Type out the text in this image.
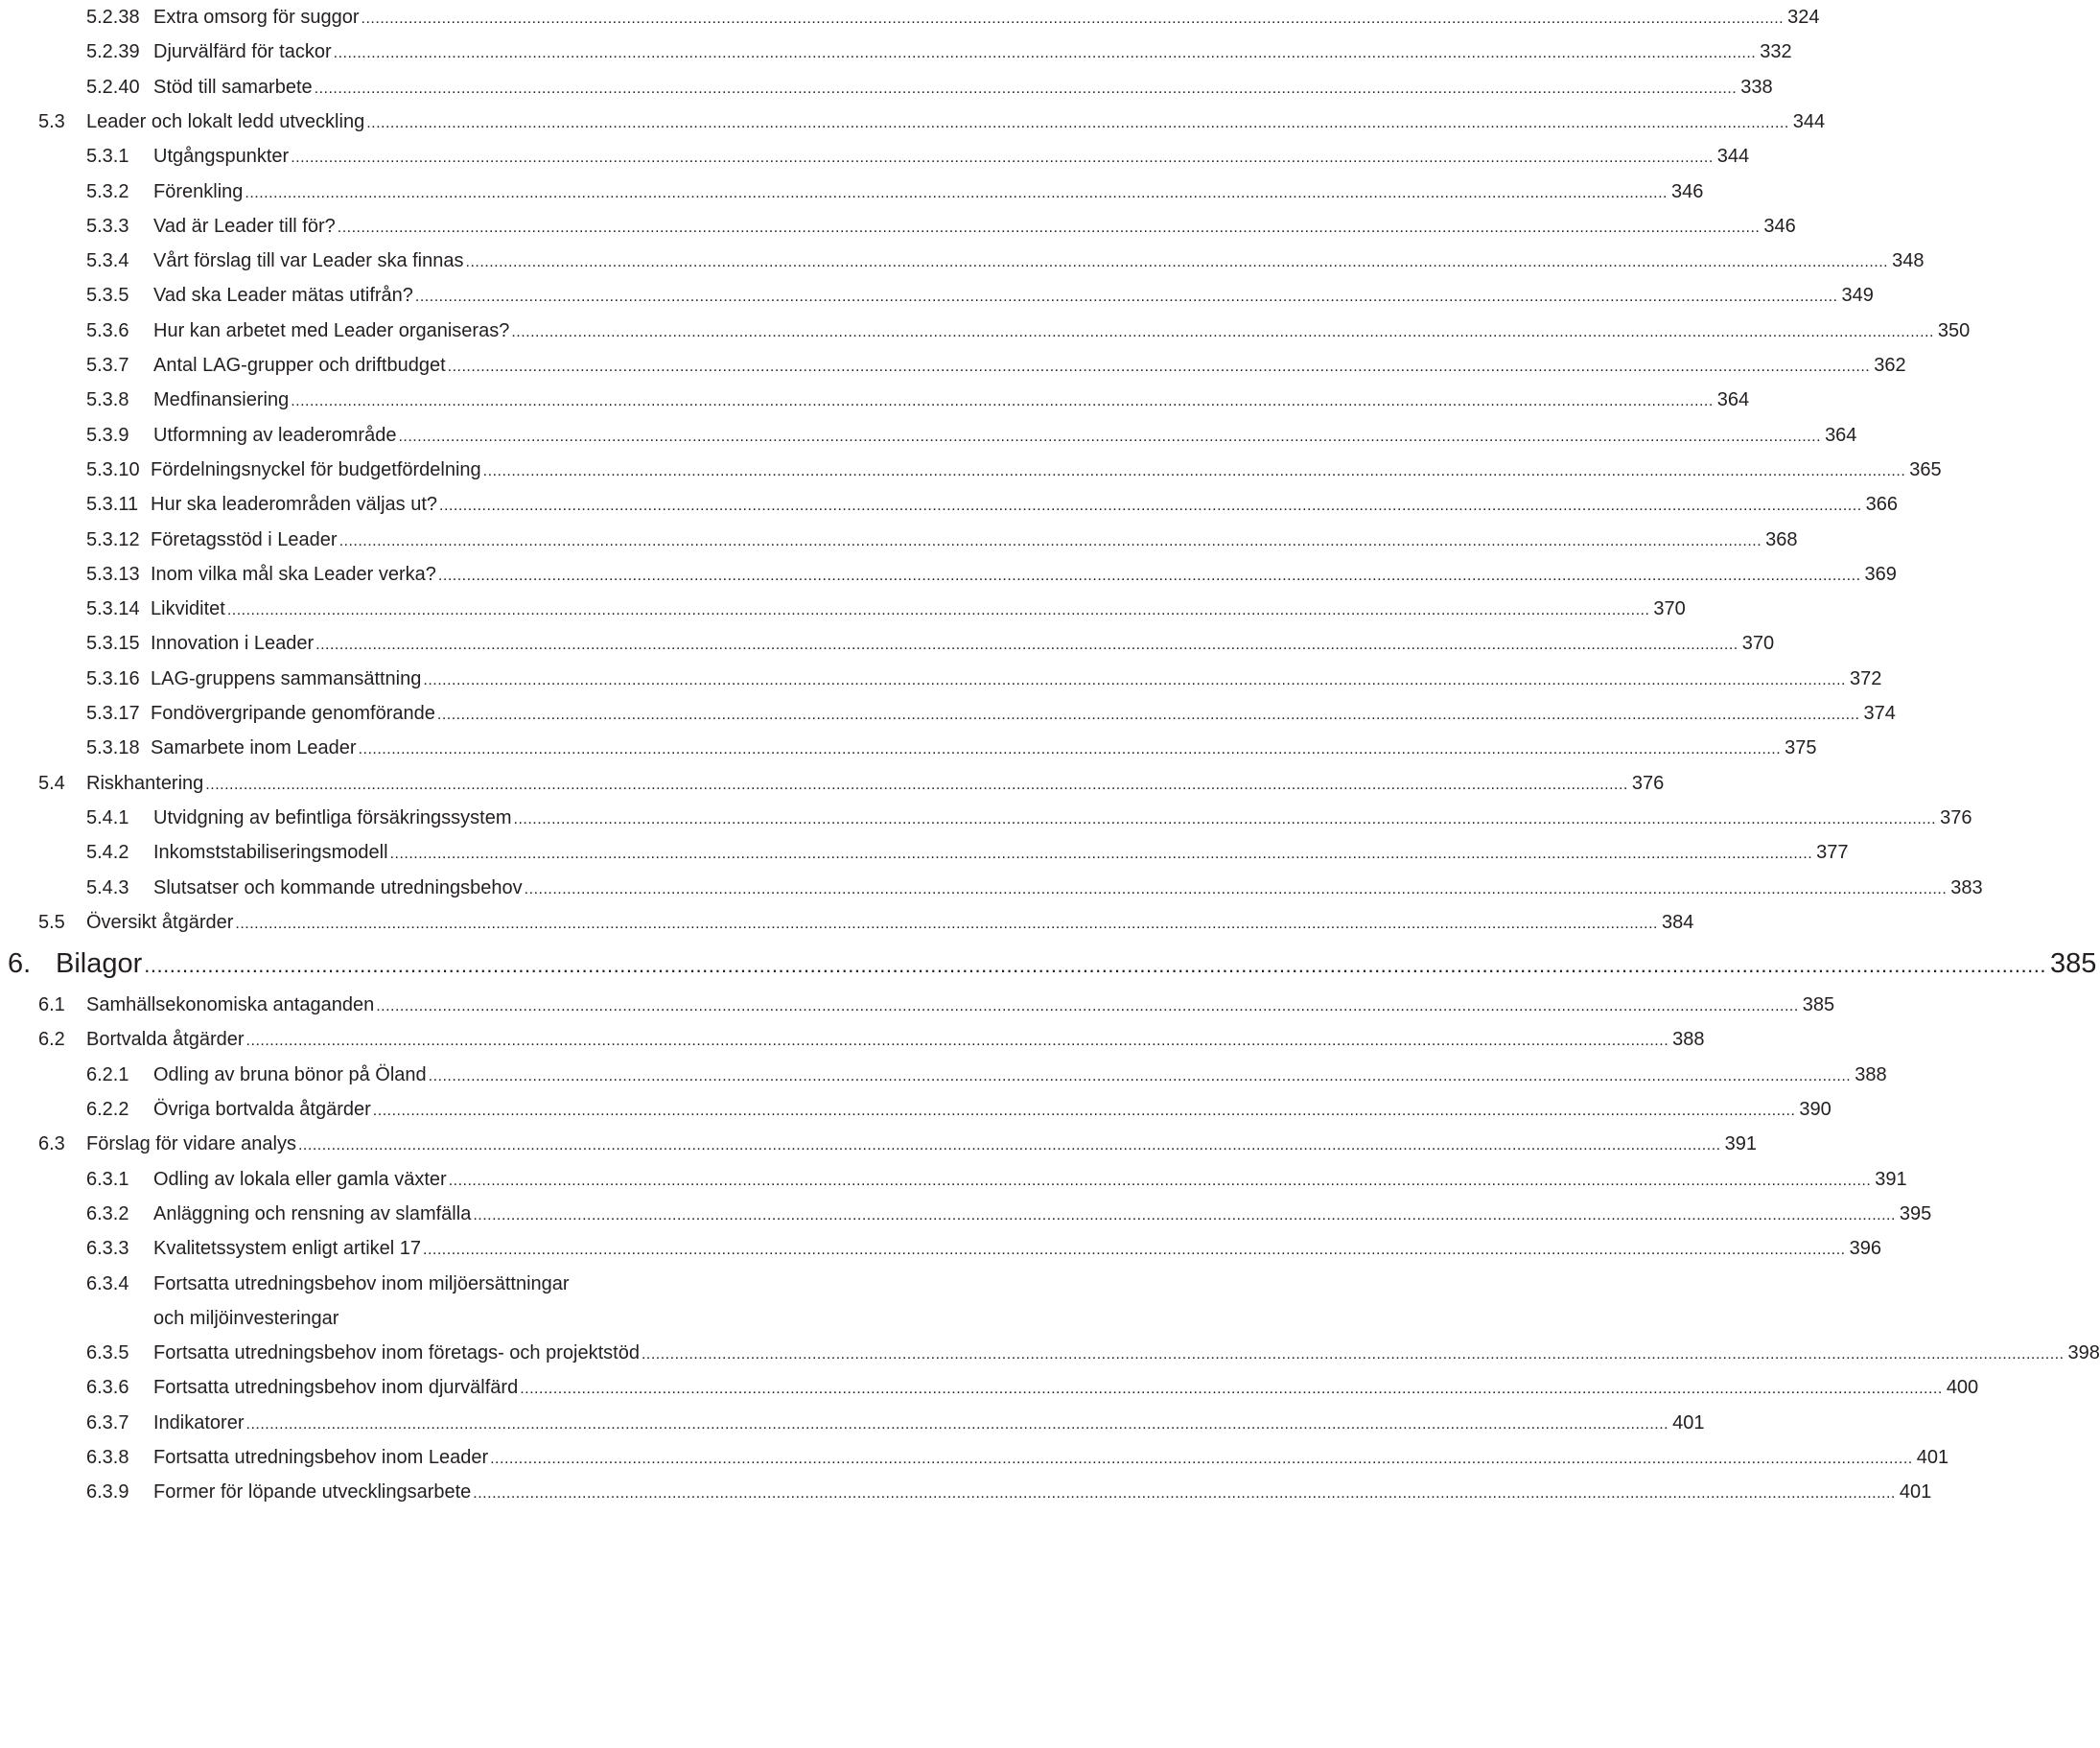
5.2.38 Extra omsorg för suggor ............................................................................................................................................................................................................................................................................................................ 324
5.2.39 Djurvälfärd för tackor ............................................................................................................................................................................................................................................................................................................ 332
5.2.40 Stöd till samarbete ............................................................................................................................................................................................................................................................................................................ 338
5.3 Leader och lokalt ledd utveckling ............................................................................................................................................................................................................................................................................................................ 344
5.3.1 Utgångspunkter ............................................................................................................................................................................................................................................................................................................ 344
5.3.2 Förenkling ............................................................................................................................................................................................................................................................................................................ 346
5.3.3 Vad är Leader till för? ............................................................................................................................................................................................................................................................................................................ 346
5.3.4 Vårt förslag till var Leader ska finnas ............................................................................................................................................................................................................................................................................................................ 348
5.3.5 Vad ska Leader mätas utifrån? ............................................................................................................................................................................................................................................................................................................ 349
5.3.6 Hur kan arbetet med Leader organiseras? ............................................................................................................................................................................................................................................................................................................ 350
5.3.7 Antal LAG-grupper och driftbudget ............................................................................................................................................................................................................................................................................................................ 362
5.3.8 Medfinansiering ............................................................................................................................................................................................................................................................................................................ 364
5.3.9 Utformning av leaderområde ............................................................................................................................................................................................................................................................................................................ 364
5.3.10 Fördelningsnyckel för budgetfördelning ............................................................................................................................................................................................................................................................................................................ 365
5.3.11 Hur ska leaderområden väljas ut? ............................................................................................................................................................................................................................................................................................................ 366
5.3.12 Företagsstöd i Leader ............................................................................................................................................................................................................................................................................................................ 368
5.3.13 Inom vilka mål ska Leader verka? ............................................................................................................................................................................................................................................................................................................ 369
5.3.14 Likviditet ............................................................................................................................................................................................................................................................................................................ 370
5.3.15 Innovation i Leader ............................................................................................................................................................................................................................................................................................................ 370
5.3.16 LAG-gruppens sammansättning ............................................................................................................................................................................................................................................................................................................ 372
5.3.17 Fondövergripande genomförande ............................................................................................................................................................................................................................................................................................................ 374
5.3.18 Samarbete inom Leader ............................................................................................................................................................................................................................................................................................................ 375
5.4 Riskhantering ............................................................................................................................................................................................................................................................................................................ 376
5.4.1 Utvidgning av befintliga försäkringssystem ............................................................................................................................................................................................................................................................................................................ 376
5.4.2 Inkomststabiliseringsmodell ............................................................................................................................................................................................................................................................................................................ 377
5.4.3 Slutsatser och kommande utredningsbehov ............................................................................................................................................................................................................................................................................................................ 383
5.5 Översikt åtgärder ............................................................................................................................................................................................................................................................................................................ 384
6. Bilagor ............................................................................................................................................................................................................................................................................................................ 385
6.1 Samhällsekonomiska antaganden ............................................................................................................................................................................................................................................................................................................ 385
6.2 Bortvalda åtgärder ............................................................................................................................................................................................................................................................................................................ 388
6.2.1 Odling av bruna bönor på Öland ............................................................................................................................................................................................................................................................................................................ 388
6.2.2 Övriga bortvalda åtgärder ............................................................................................................................................................................................................................................................................................................ 390
6.3 Förslag för vidare analys ............................................................................................................................................................................................................................................................................................................ 391
6.3.1 Odling av lokala eller gamla växter ............................................................................................................................................................................................................................................................................................................ 391
6.3.2 Anläggning och rensning av slamfälla ............................................................................................................................................................................................................................................................................................................ 395
6.3.3 Kvalitetssystem enligt artikel 17 ............................................................................................................................................................................................................................................................................................................ 396
6.3.4 Fortsatta utredningsbehov inom miljöersättningar
och miljöinvesteringar
6.3.5 Fortsatta utredningsbehov inom företags- och projektstöd ............................................................................................................................................................................................................................................................................................................ 398
6.3.6 Fortsatta utredningsbehov inom djurvälfärd ............................................................................................................................................................................................................................................................................................................ 400
6.3.7 Indikatorer ............................................................................................................................................................................................................................................................................................................ 401
6.3.8 Fortsatta utredningsbehov inom Leader ............................................................................................................................................................................................................................................................................................................ 401
6.3.9 Former för löpande utvecklingsarbete ............................................................................................................................................................................................................................................................................................................ 401
